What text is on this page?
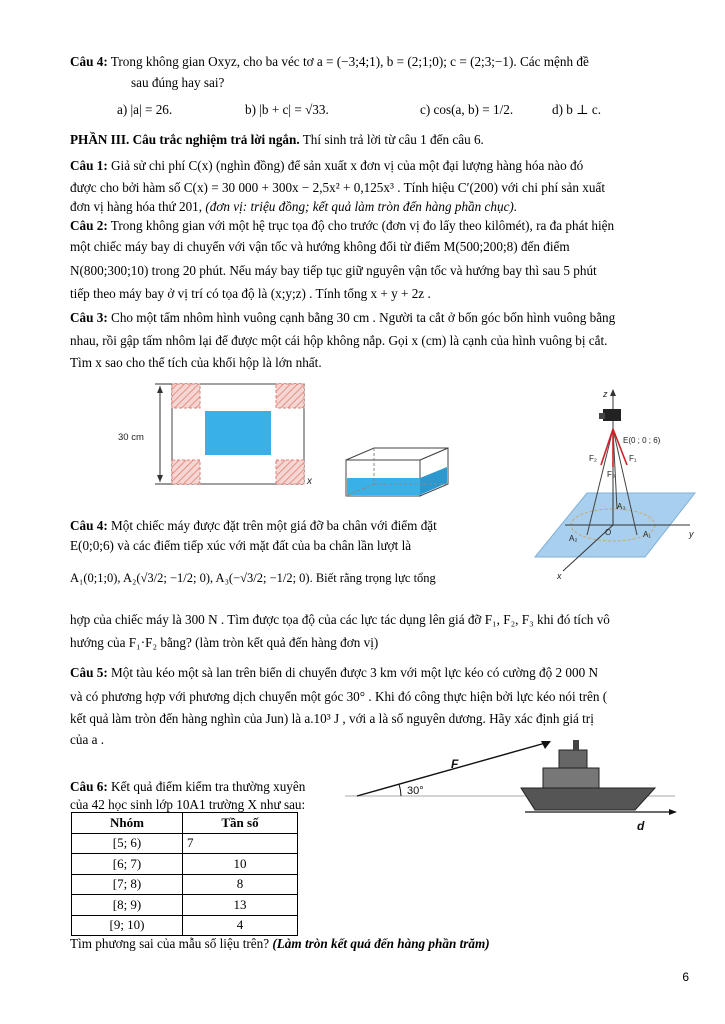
Câu 4: Trong không gian Oxyz, cho ba véc tơ a = (−3;4;1), b = (2;1;0); c = (2;3;−1). Các mệnh đề
sau đúng hay sai?
a) |a| = 26.	b) |b + c| = √33.	c) cos(a, b) = 1/2.	d) b ⊥ c.
PHẦN III. Câu trắc nghiệm trả lời ngắn. Thí sinh trả lời từ câu 1 đến câu 6.
Câu 1: Giả sử chi phí C(x) (nghìn đồng) để sản xuất x đơn vị của một đại lượng hàng hóa nào đó
được cho bởi hàm số C(x) = 30 000 + 300x − 2,5x² + 0,125x³ . Tính hiệu C′(200) với chi phí sản xuất
đơn vị hàng hóa thứ 201, (đơn vị: triệu đồng; kết quả làm tròn đến hàng phần chục).
Câu 2: Trong không gian với một hệ trục tọa độ cho trước (đơn vị đo lấy theo kilômét), ra đa phát hiện
một chiếc máy bay di chuyển với vận tốc và hướng không đổi từ điểm M(500;200;8) đến điểm
N(800;300;10) trong 20 phút. Nếu máy bay tiếp tục giữ nguyên vận tốc và hướng bay thì sau 5 phút
tiếp theo máy bay ở vị trí có tọa độ là (x;y;z) . Tính tổng x + y + 2z .
Câu 3: Cho một tấm nhôm hình vuông cạnh bằng 30 cm . Người ta cắt ở bốn góc bốn hình vuông bằng
nhau, rồi gập tấm nhôm lại để được một cái hộp không nắp. Gọi x (cm) là cạnh của hình vuông bị cắt.
Tìm x sao cho thể tích của khối hộp là lớn nhất.
30 cm
x
z
y
x
O
E(0 ; 0 ; 6)
F₂
F₃
F₁
A₃
A₁
A₂
Câu 4: Một chiếc máy được đặt trên một giá đỡ ba chân với điểm đặt
E(0;0;6) và các điểm tiếp xúc với mặt đất của ba chân lần lượt là
A₁(0;1;0), A₂(√3/2; −1/2; 0), A₃(−√3/2; −1/2; 0). Biết rằng trọng lực tổng
hợp của chiếc máy là 300 N . Tìm được tọa độ của các lực tác dụng lên giá đỡ F₁, F₂, F₃ khi đó tích vô
hướng của F₁·F₂ bằng? (làm tròn kết quả đến hàng đơn vị)
Câu 5: Một tàu kéo một sà lan trên biển di chuyển được 3 km với một lực kéo có cường độ 2 000 N
và có phương hợp với phương dịch chuyển một góc 30° . Khi đó công thực hiện bởi lực kéo nói trên (
kết quả làm tròn đến hàng nghìn của Jun) là a.10³ J , với a là số nguyên dương. Hãy xác định giá trị
của a .
F
30°
d
Câu 6: Kết quả điểm kiểm tra thường xuyên
của 42 học sinh lớp 10A1 trường X như sau:
Nhóm	Tần số
[5; 6)	7
[6; 7)	10
[7; 8)	8
[8; 9)	13
[9; 10)	4
Tìm phương sai của mẫu số liệu trên? (Làm tròn kết quả đến hàng phần trăm)
6
